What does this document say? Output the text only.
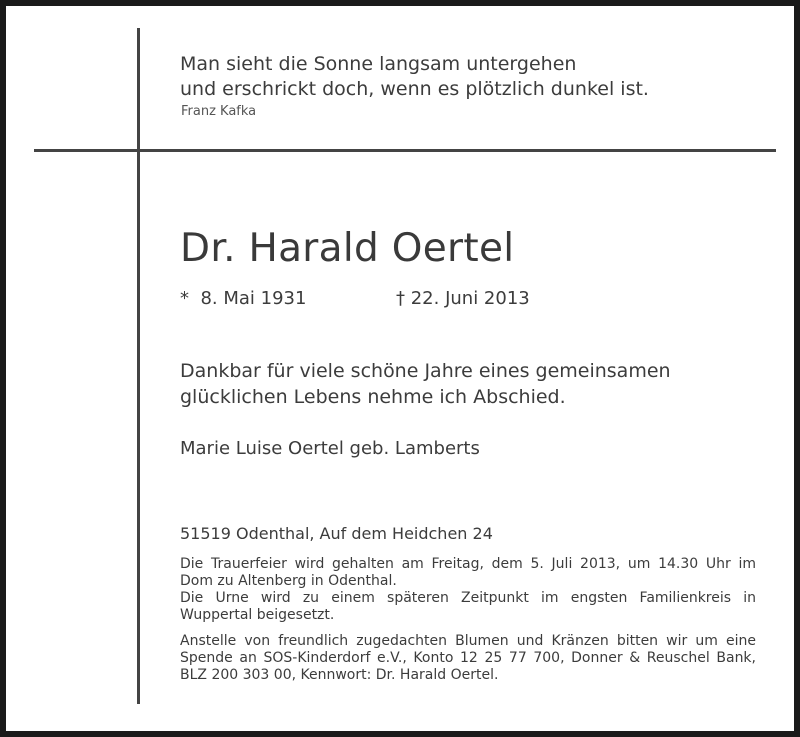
Man sieht die Sonne langsam untergehen
und erschrickt doch, wenn es plötzlich dunkel ist.
Franz Kafka
Dr. Harald Oertel
*  8. Mai 1931	† 22. Juni 2013
Dankbar für viele schöne Jahre eines gemeinsamen
glücklichen Lebens nehme ich Abschied.
Marie Luise Oertel geb. Lamberts
51519 Odenthal, Auf dem Heidchen 24
Die Trauerfeier wird gehalten am Freitag, dem 5. Juli 2013, um 14.30 Uhr im
Dom zu Altenberg in Odenthal.
Die Urne wird zu einem späteren Zeitpunkt im engsten Familienkreis in
Wuppertal beigesetzt.
Anstelle von freundlich zugedachten Blumen und Kränzen bitten wir um eine
Spende an SOS-Kinderdorf e.V., Konto 12 25 77 700, Donner & Reuschel Bank,
BLZ 200 303 00, Kennwort: Dr. Harald Oertel.
